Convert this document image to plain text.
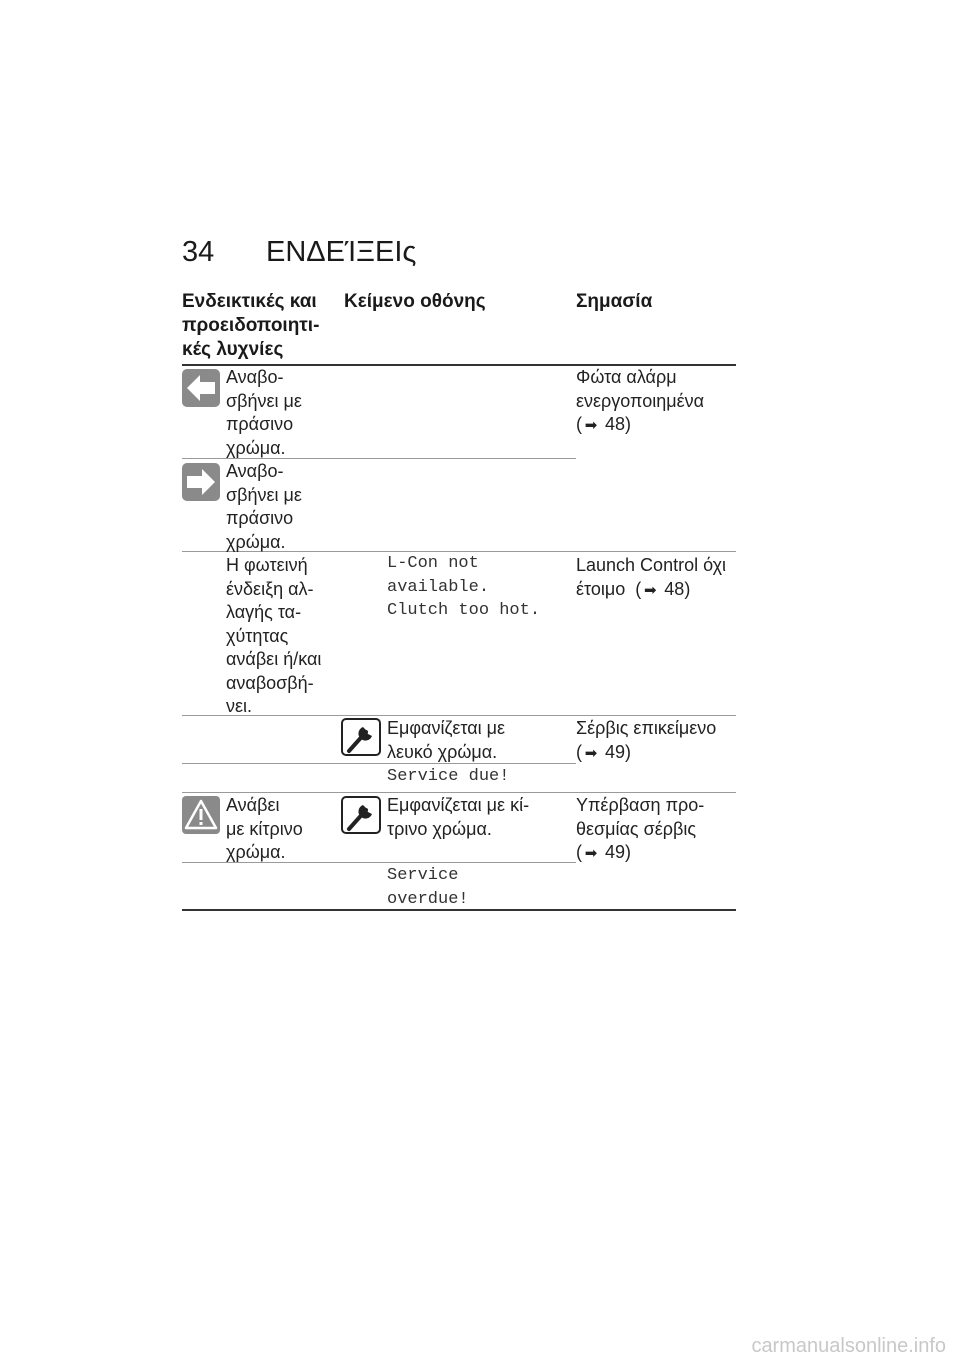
34 ΕΝΔΕΊΞΕΙς
Ενδεικτικές και
προειδοποιητι-
κές λυχνίες
Κείμενο οθόνης	Σημασία
Αναβο-
σβήνει με
πράσινο
χρώμα.
Φώτα αλάρμ
ενεργοποιημένα
( ➡ 48)
Αναβο-
σβήνει με
πράσινο
χρώμα.
Η φωτεινή
ένδειξη αλ-
λαγής τα-
χύτητας
ανάβει ή/και
αναβοσβή-
νει.
L-Con not
available.
Clutch too hot.
Launch Control όχι
έτοιμο  ( ➡ 48)
Εμφανίζεται με
λευκό χρώμα.
Service due!
Σέρβις επικείμενο
( ➡ 49)
Ανάβει
με κίτρινο
χρώμα.
Εμφανίζεται με κί-
τρινο χρώμα.
Service
overdue!
Υπέρβαση προ-
θεσμίας σέρβις
( ➡ 49)
carmanualsonline.info
